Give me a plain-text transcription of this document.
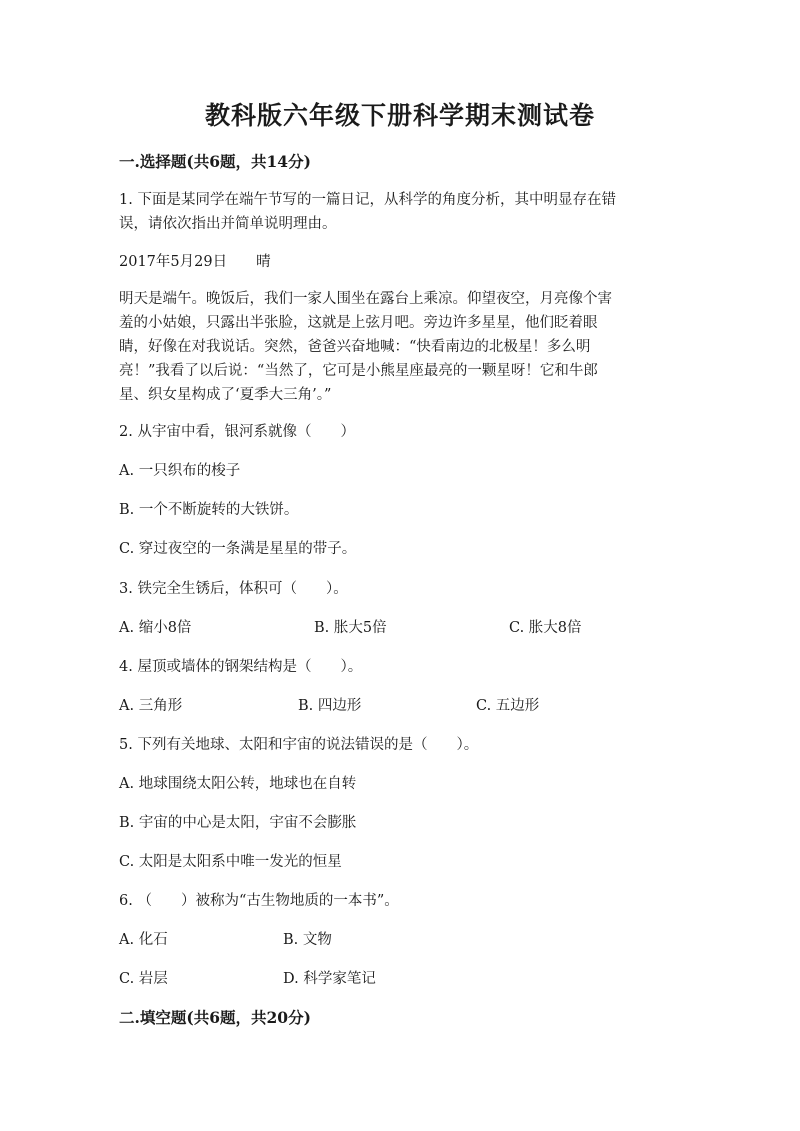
教科版六年级下册科学期末测试卷
一.选择题(共6题，共14分)
1. 下面是某同学在端午节写的一篇日记，从科学的角度分析，其中明显存在错
误，请依次指出并简单说明理由。
2017年5月29日　　晴
明天是端午。晚饭后，我们一家人围坐在露台上乘凉。仰望夜空，月亮像个害
羞的小姑娘，只露出半张脸，这就是上弦月吧。旁边许多星星，他们眨着眼
睛，好像在对我说话。突然，爸爸兴奋地喊：“快看南边的北极星！多么明
亮！”我看了以后说：“当然了，它可是小熊星座最亮的一颗星呀！它和牛郎
星、织女星构成了‘夏季大三角’。”
2. 从宇宙中看，银河系就像（　　）
A. 一只织布的梭子
B. 一个不断旋转的大铁饼。
C. 穿过夜空的一条满是星星的带子。
3. 铁完全生锈后，体积可（　　）。
A. 缩小8倍	B. 胀大5倍	C. 胀大8倍
4. 屋顶或墙体的钢架结构是（　　）。
A. 三角形	B. 四边形	C. 五边形
5. 下列有关地球、太阳和宇宙的说法错误的是（　　）。
A. 地球围绕太阳公转，地球也在自转
B. 宇宙的中心是太阳，宇宙不会膨胀
C. 太阳是太阳系中唯一发光的恒星
6. （　　）被称为“古生物地质的一本书”。
A. 化石	B. 文物
C. 岩层	D. 科学家笔记
二.填空题(共6题，共20分)
